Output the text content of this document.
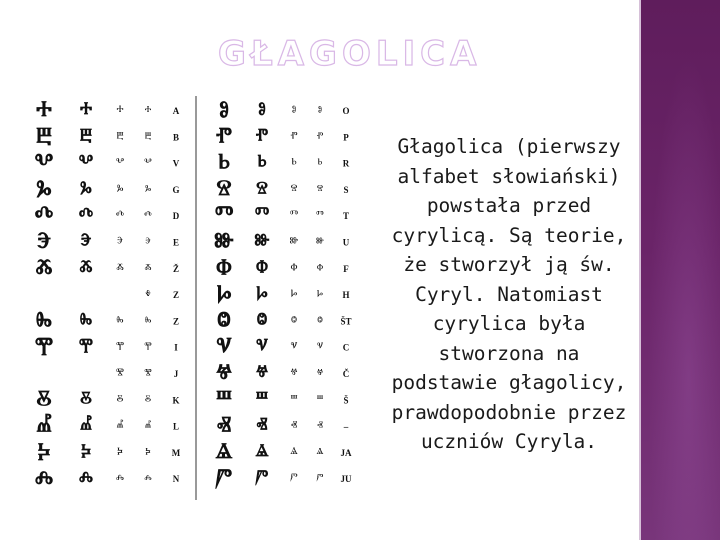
GŁAGOLICA
Ⰰ Ⰰ ⰰ ⰰ A
Ⰱ Ⰱ ⰱ ⰱ B
Ⰲ Ⰲ ⰲ ⰲ V
Ⰳ Ⰳ ⰳ ⰳ G
Ⰴ Ⰴ ⰴ ⰴ D
Ⰵ Ⰵ ⰵ ⰵ E
Ⰶ Ⰶ ⰶ ⰶ Ž
ⰷ Z
Ⰸ Ⰸ ⰸ ⰸ Z
Ⰹ Ⰹ ⰹ ⰹ I
ⰺ ⰺ J
Ⰻ Ⰻ ⰻ ⰻ K
Ⰼ Ⰼ ⰼ ⰼ L
Ⰽ Ⰽ ⰽ ⰽ M
Ⰾ Ⰾ ⰾ ⰾ N
Ⱁ Ⱁ ⱁ ⱁ O
Ⱂ Ⱂ ⱂ ⱂ P
Ⱃ Ⱃ ⱃ ⱃ R
Ⱄ Ⱄ ⱄ ⱄ S
Ⱅ Ⱅ ⱅ ⱅ T
Ⱆ Ⱆ ⱆ ⱆ U
Ⱇ Ⱇ ⱇ ⱇ F
Ⱈ Ⱈ ⱈ ⱈ H
Ⱉ Ⱉ ⱉ ⱉ ŠT
Ⱌ Ⱌ ⱌ ⱌ C
Ⱍ Ⱍ ⱍ ⱍ Č
Ⱎ Ⱎ ⱎ ⱎ Š
Ⱏ Ⱏ ⱏ ⱏ –
Ⱑ Ⱑ ⱑ ⱑ JA
Ⱓ Ⱓ ⱓ ⱓ JU
Głagolica (pierwszy alfabet słowiański) powstała przed cyrylicą. Są teorie, że stworzył ją św. Cyryl. Natomiast cyrylica była stworzona na podstawie głagolicy, prawdopodobnie przez uczniów Cyryla.
